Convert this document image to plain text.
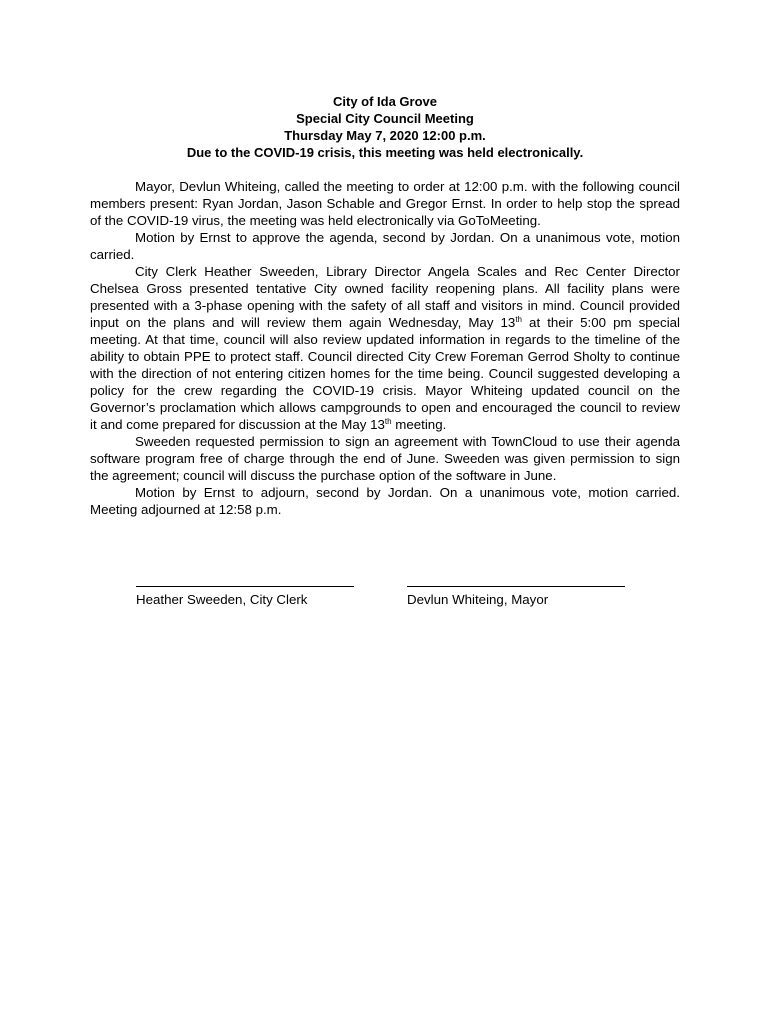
City of Ida Grove
Special City Council Meeting
Thursday May 7, 2020 12:00 p.m.
Due to the COVID-19 crisis, this meeting was held electronically.

Mayor, Devlun Whiteing, called the meeting to order at 12:00 p.m. with the following council members present: Ryan Jordan, Jason Schable and Gregor Ernst. In order to help stop the spread of the COVID-19 virus, the meeting was held electronically via GoToMeeting.

Motion by Ernst to approve the agenda, second by Jordan. On a unanimous vote, motion carried.

City Clerk Heather Sweeden, Library Director Angela Scales and Rec Center Director Chelsea Gross presented tentative City owned facility reopening plans. All facility plans were presented with a 3-phase opening with the safety of all staff and visitors in mind. Council provided input on the plans and will review them again Wednesday, May 13th at their 5:00 pm special meeting. At that time, council will also review updated information in regards to the timeline of the ability to obtain PPE to protect staff. Council directed City Crew Foreman Gerrod Sholty to continue with the direction of not entering citizen homes for the time being. Council suggested developing a policy for the crew regarding the COVID-19 crisis. Mayor Whiteing updated council on the Governor’s proclamation which allows campgrounds to open and encouraged the council to review it and come prepared for discussion at the May 13th meeting.

Sweeden requested permission to sign an agreement with TownCloud to use their agenda software program free of charge through the end of June. Sweeden was given permission to sign the agreement; council will discuss the purchase option of the software in June.

Motion by Ernst to adjourn, second by Jordan. On a unanimous vote, motion carried. Meeting adjourned at 12:58 p.m.

Heather Sweeden, City Clerk	Devlun Whiteing, Mayor
